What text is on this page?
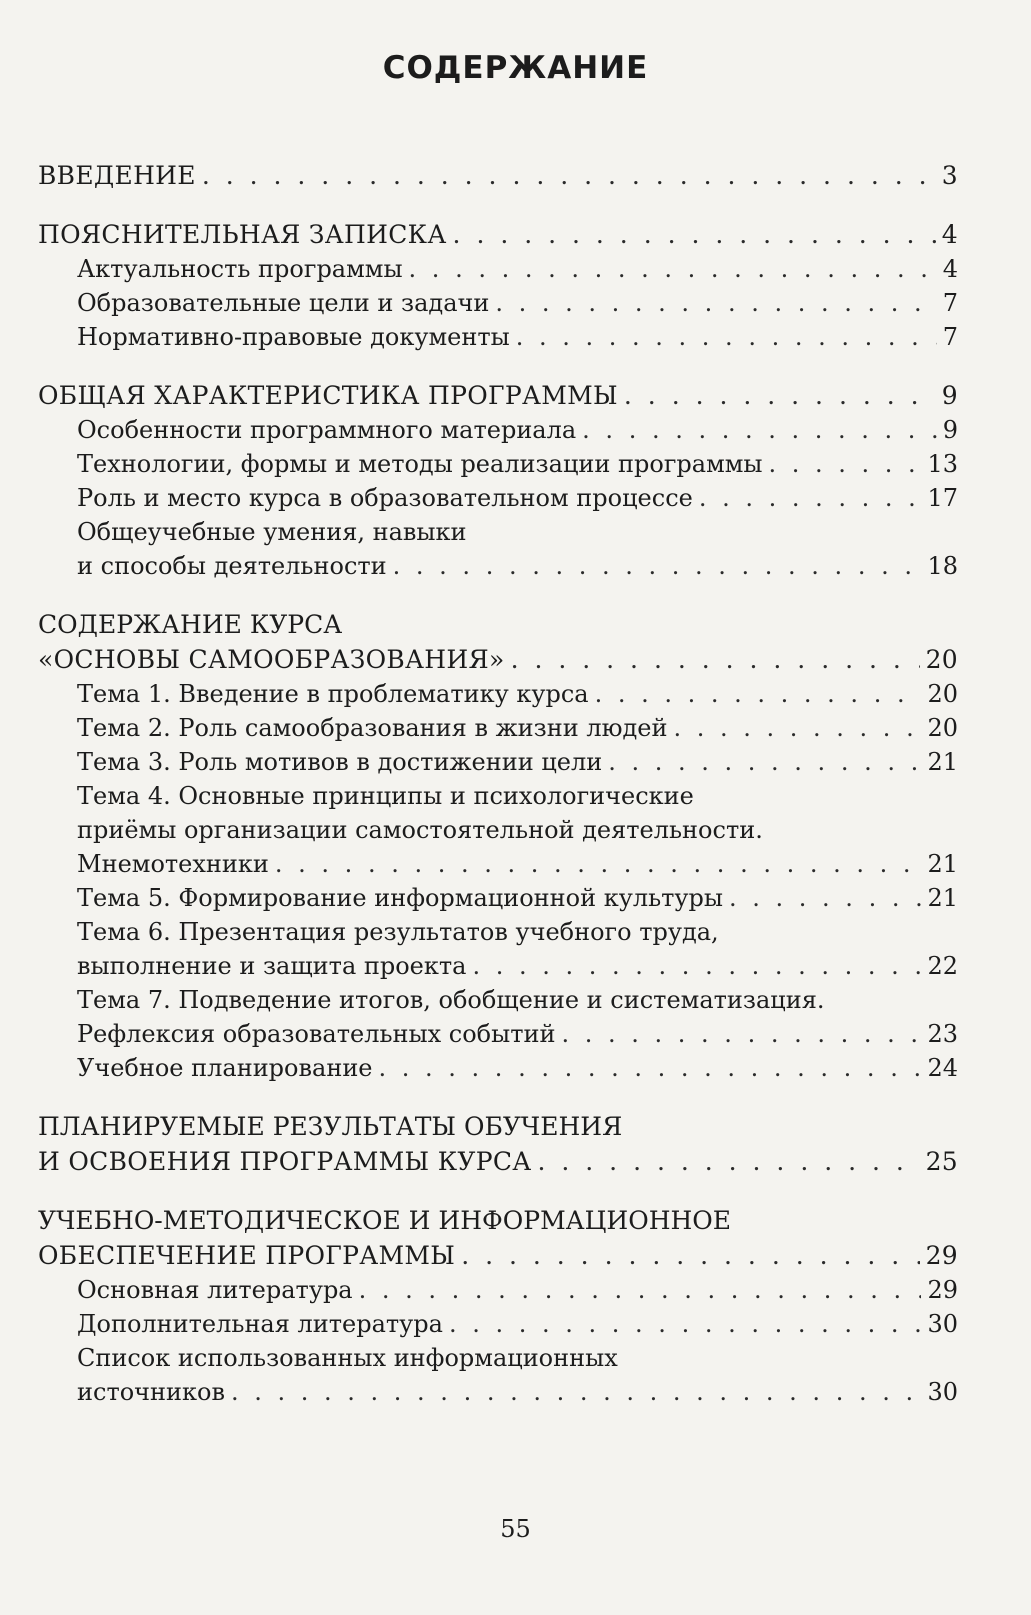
СОДЕРЖАНИЕ
ВВЕДЕНИЕ . . .	3
ПОЯСНИТЕЛЬНАЯ ЗАПИСКА . . .	4
Актуальность программы . . .	4
Образовательные цели и задачи . . .	7
Нормативно-правовые документы . . .	7
ОБЩАЯ ХАРАКТЕРИСТИКА ПРОГРАММЫ . . .	9
Особенности программного материала . . .	9
Технологии, формы и методы реализации программы . . .	13
Роль и место курса в образовательном процессе . . .	17
Общеучебные умения, навыки
и способы деятельности . . .	18
СОДЕРЖАНИЕ КУРСА
«ОСНОВЫ САМООБРАЗОВАНИЯ» . . .	20
Тема 1. Введение в проблематику курса . . .	20
Тема 2. Роль самообразования в жизни людей . . .	20
Тема 3. Роль мотивов в достижении цели . . .	21
Тема 4. Основные принципы и психологические
приёмы организации самостоятельной деятельности.
Мнемотехники . . .	21
Тема 5. Формирование информационной культуры . . .	21
Тема 6. Презентация результатов учебного труда,
выполнение и защита проекта . . .	22
Тема 7. Подведение итогов, обобщение и систематизация.
Рефлексия образовательных событий . . .	23
Учебное планирование . . .	24
ПЛАНИРУЕМЫЕ РЕЗУЛЬТАТЫ ОБУЧЕНИЯ
И ОСВОЕНИЯ ПРОГРАММЫ КУРСА . . .	25
УЧЕБНО-МЕТОДИЧЕСКОЕ И ИНФОРМАЦИОННОЕ
ОБЕСПЕЧЕНИЕ ПРОГРАММЫ . . .	29
Основная литература . . .	29
Дополнительная литература . . .	30
Список использованных информационных
источников . . .	30
55
